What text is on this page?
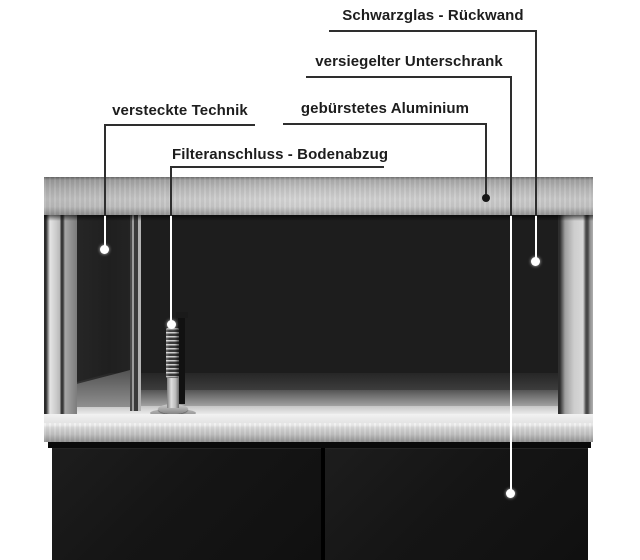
Schwarzglas - Rückwand
versiegelter Unterschrank
versteckte Technik	gebürstetes Aluminium
Filteranschluss - Bodenabzug
